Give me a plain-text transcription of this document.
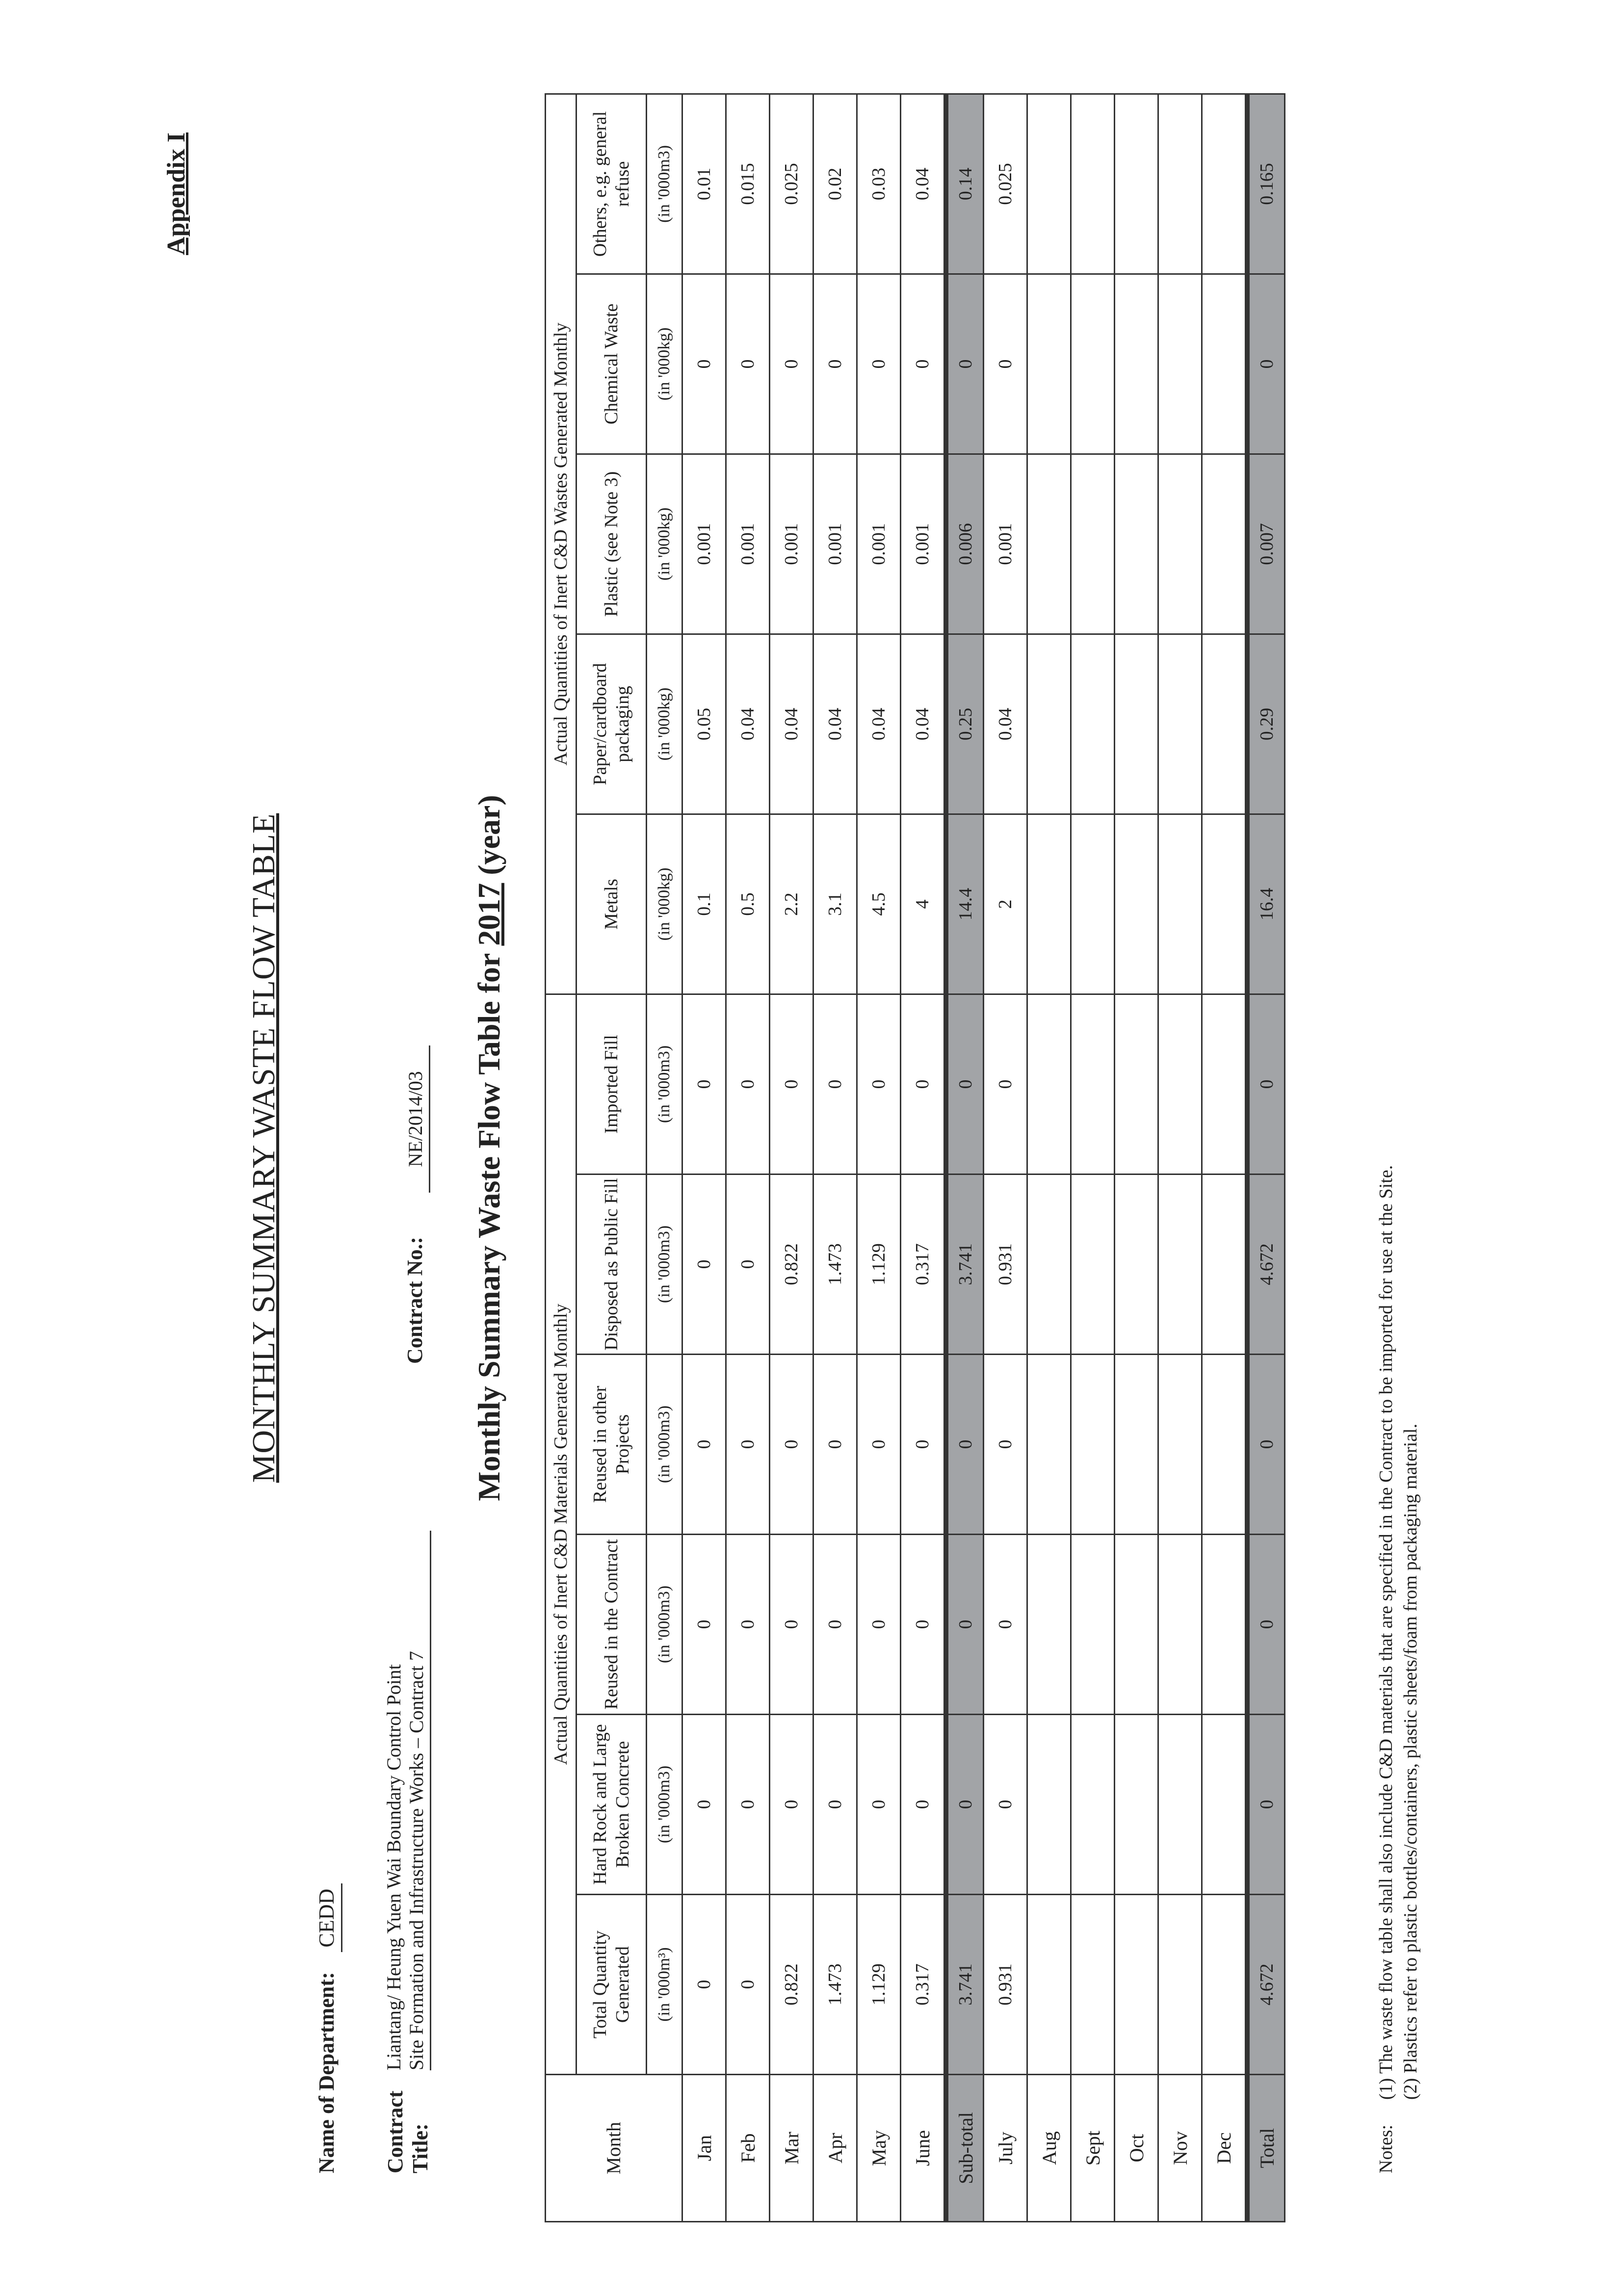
Appendix I
MONTHLY SUMMARY WASTE FLOW TABLE
Name of Department:CEDD
Contract Title:Liantang/ Heung Yuen Wai Boundary Control Point
Site Formation and Infrastructure Works – Contract 7
Contract No.:NE/2014/03 Monthly Summary Waste Flow Table for 2017 (year)
Month	Actual Quantities of Inert C&D Materials Generated Monthly						Actual Quantities of Inert C&D Wastes Generated Monthly				
	Total Quantity Generated	Hard Rock and Large Broken Concrete	Reused in the Contract	Reused in other Projects	Disposed as Public Fill	Imported Fill	Metals	Paper/cardboard packaging	Plastic (see Note 3)	Chemical Waste	Others, e.g. general refuse
	(in '000m³)	(in '000m3)	(in '000m3)	(in '000m3)	(in '000m3)	(in '000m3)	(in '000kg)	(in '000kg)	(in '000kg)	(in '000kg)	(in '000m3)
Jan	0	0	0	0	0	0	0.1	0.05	0.001	0	0.01
Feb	0	0	0	0	0	0	0.5	0.04	0.001	0	0.015
Mar	0.822	0	0	0	0.822	0	2.2	0.04	0.001	0	0.025
Apr	1.473	0	0	0	1.473	0	3.1	0.04	0.001	0	0.02
May	1.129	0	0	0	1.129	0	4.5	0.04	0.001	0	0.03
June	0.317	0	0	0	0.317	0	4	0.04	0.001	0	0.04
Sub-total	3.741	0	0	0	3.741	0	14.4	0.25	0.006	0	0.14
July	0.931	0	0	0	0.931	0	2	0.04	0.001	0	0.025
Aug											
Sept											
Oct											
Nov											
Dec											
Total	4.672	0	0	0	4.672	0	16.4	0.29	0.007	0	0.165
Notes:(1) The waste flow table shall also include C&D materials that are specified in the Contract to be imported for use at the Site. (2) Plastics refer to plastic bottles/containers, plastic sheets/foam from packaging material.
